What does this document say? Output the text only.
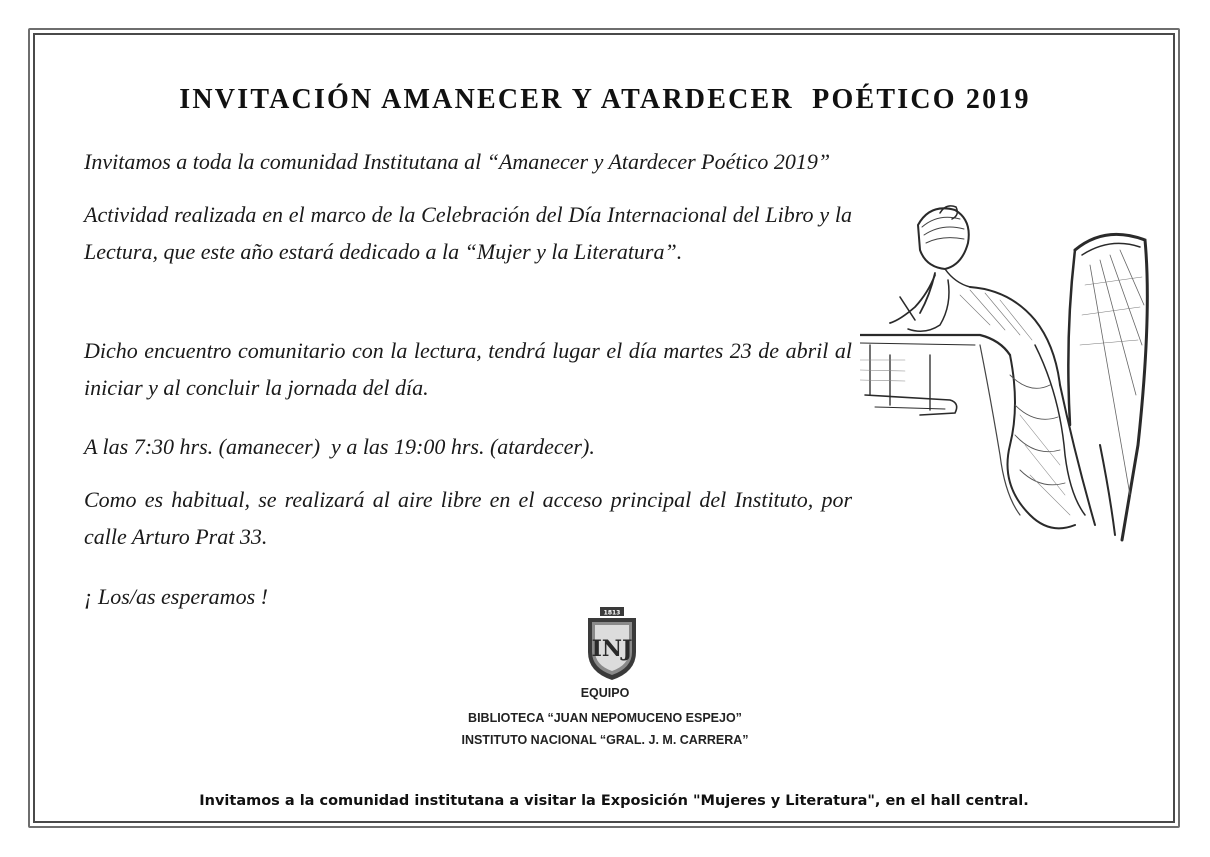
INVITACIÓN AMANECER Y ATARDECER  POÉTICO 2019
Invitamos a toda la comunidad Institutana al “Amanecer y Atardecer Poético 2019”
Actividad realizada en el marco de la Celebración del Día Internacional del Libro y la Lectura, que este año estará dedicado a la “Mujer y la Literatura”.
Dicho encuentro comunitario con la lectura, tendrá lugar el día martes 23 de abril al iniciar y al concluir la jornada del día.
A las 7:30 hrs. (amanecer)  y a las 19:00 hrs. (atardecer).
Como es habitual, se realizará al aire libre en el acceso principal del Instituto, por calle Arturo Prat 33.
¡ Los/as esperamos !
1813
INJ
EQUIPO
BIBLIOTECA “JUAN NEPOMUCENO ESPEJO”
INSTITUTO NACIONAL “GRAL. J. M. CARRERA”
Invitamos a la comunidad institutana a visitar la Exposición "Mujeres y Literatura", en el hall central.
